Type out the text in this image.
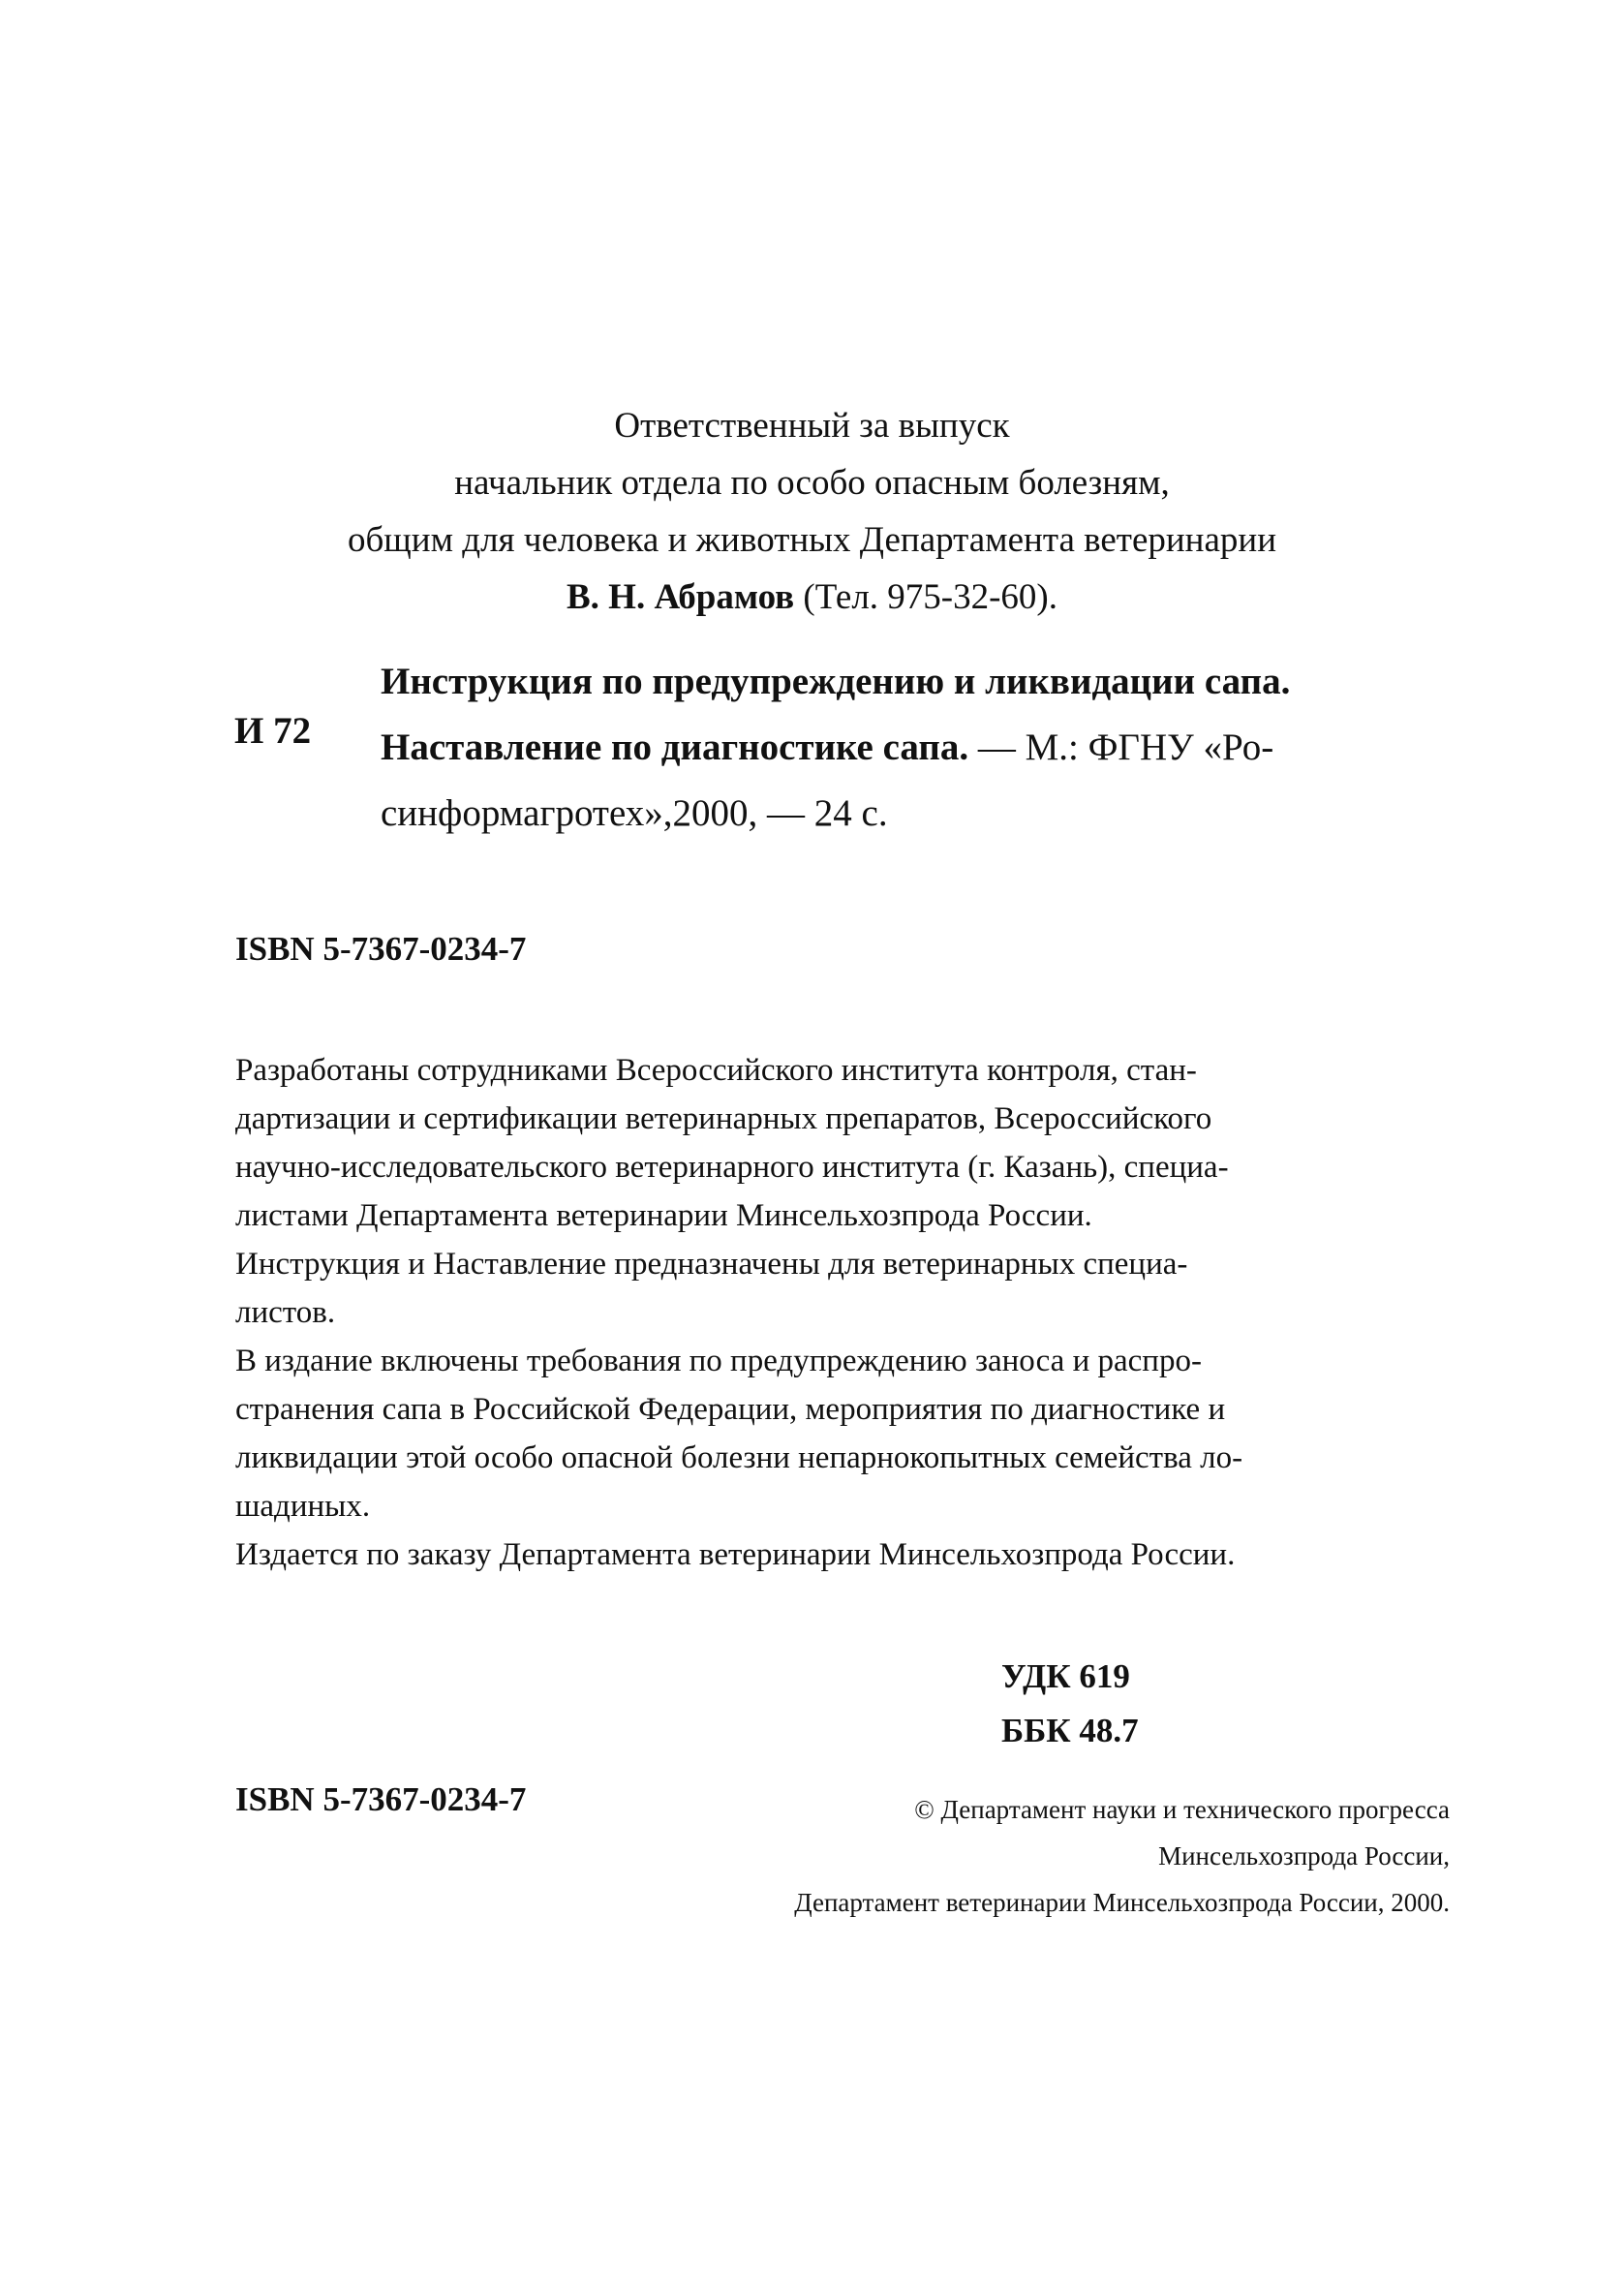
Ответственный за выпуск
начальник отдела по особо опасным болезням,
общим для человека и животных Департамента ветеринарии
В. Н. Абрамов (Тел. 975-32-60).
И 72
Инструкция по предупреждению и ликвидации сапа.
Наставление по диагностике сапа. — М.: ФГНУ «Ро-
синформагротех»,2000, — 24 с.
ISBN 5-7367-0234-7
Разработаны сотрудниками Всероссийского института контроля, стан-
дартизации и сертификации ветеринарных препаратов, Всероссийского
научно-исследовательского ветеринарного института (г. Казань), специа-
листами Департамента ветеринарии Минсельхозпрода России.
Инструкция и Наставление предназначены для ветеринарных специа-
листов.
В издание включены требования по предупреждению заноса и распро-
странения сапа в Российской Федерации, мероприятия по диагностике и
ликвидации этой особо опасной болезни непарнокопытных семейства ло-
шадиных.
Издается по заказу Департамента ветеринарии Минсельхозпрода России.
УДК 619
ББК 48.7
ISBN 5-7367-0234-7	© Департамент науки и технического прогресса
Минсельхозпрода России,
Департамент ветеринарии Минсельхозпрода России, 2000.
